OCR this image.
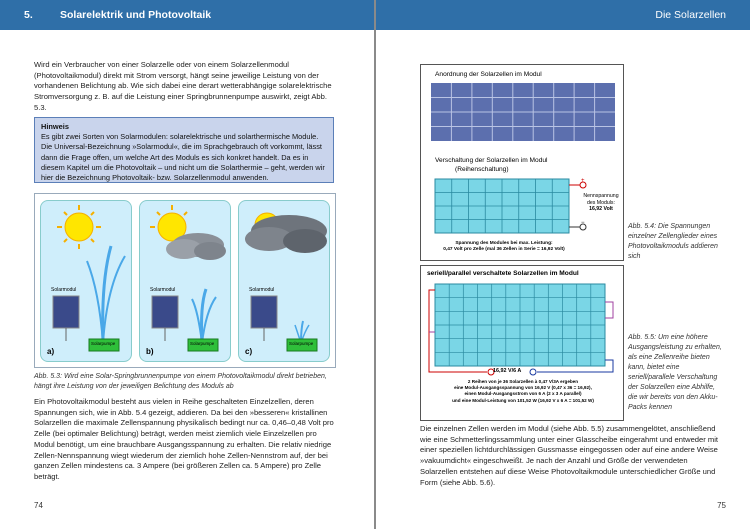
5.	Solarelektrik und Photovoltaik
Wird ein Verbraucher von einer Solarzelle oder von einem Solarzellenmodul (Photovoltaikmodul) direkt mit Strom versorgt, hängt seine jeweilige Leistung von der vorhandenen Belichtung ab. Wie sich dabei eine derart wetterabhängige solarelektrische Stromversorgung z. B. auf die Leistung einer Springbrunnenpumpe auswirkt, zeigt Abb. 5.3.
Hinweis
Es gibt zwei Sorten von Solarmodulen: solarelektrische und solarthermische Module. Die Universal-Bezeichnung »Solarmodul«, die im Sprachgebrauch oft vorkommt, lässt dann die Frage offen, um welche Art des Moduls es sich konkret handelt. Da es in diesem Kapitel um die Photovoltaik – und nicht um die Solarthermie – geht, werden wir hier die Bezeichnung Photovoltaik- bzw. Solarzellenmodul anwenden.
Solarmodul
Solarpumpe
a)
Solarmodul
Solarpumpe
b)
Solarmodul
Solarpumpe
c)
Abb. 5.3: Wird eine Solar-Springbrunnenpumpe von einem Photovoltaikmodul direkt betrieben, hängt ihre Leistung von der jeweiligen Belichtung des Moduls ab
Ein Photovoltaikmodul besteht aus vielen in Reihe geschalteten Einzelzellen, deren Spannungen sich, wie in Abb. 5.4 gezeigt, addieren. Da bei den »besseren« kristallinen Solarzellen die maximale Zellenspannung physikalisch bedingt nur ca. 0,46–0,48 Volt pro Zelle (bei optimaler Belichtung) beträgt, werden meist ziemlich viele Einzelzellen pro Modul benötigt, um eine brauchbare Ausgangsspannung zu erhalten. Die relativ niedrige Zellen-Nennspannung wiegt wiederum der ziemlich hohe Zellen-Nennstrom auf, der bei ganzen Zellen mindestens ca. 3 Ampere (bei größeren Zellen ca. 5 Ampere) pro Zelle beträgt.
74
Die Solarzellen
Anordnung der Solarzellen im Modul
Verschaltung der Solarzellen im Modul
(Reihenschaltung)
+
−
Nennspannung
des Moduls:
16,92 Volt
Spannung des Modules bei max. Leistung:
0,47 Volt pro Zelle (mal 36 Zellen in Serie = 16,92 Volt)
Abb. 5.4: Die Spannungen einzelner Zellenglieder eines Photovoltaikmoduls addieren sich
seriell/parallel verschaltete Solarzellen im Modul
16,92 V/6 A
2 Reihen von je 36 Solarzellen à 0,47 V/3A ergeben
eine Modul-Ausgangsspannung von 16,92 V (0,47 x 36 = 16,92),
einen Modul-Ausgangsstrom von 6 A (2 x 3 A parallel)
und eine Modul-Leistung von 101,52 W (16,92 V x 6 A = 101,52 W)
Abb. 5.5: Um eine höhere Ausgangsleistung zu erhalten, als eine Zellenreihe bieten kann, bietet eine seriell/parallele Verschaltung der Solarzellen eine Abhilfe, die wir bereits von den Akku-Packs kennen
Die einzelnen Zellen werden im Modul (siehe Abb. 5.5) zusammengelötet, anschließend wie eine Schmetterlingssammlung unter einer Glasscheibe eingerahmt und entweder mit einer speziellen lichtdurchlässigen Gussmasse eingegossen oder auf eine andere Weise »vakuumdicht« eingeschweißt. Je nach der Anzahl und Größe der verwendeten Solarzellen entstehen auf diese Weise Photovoltaikmodule unterschiedlicher Größe und Form (siehe Abb. 5.6).
75
